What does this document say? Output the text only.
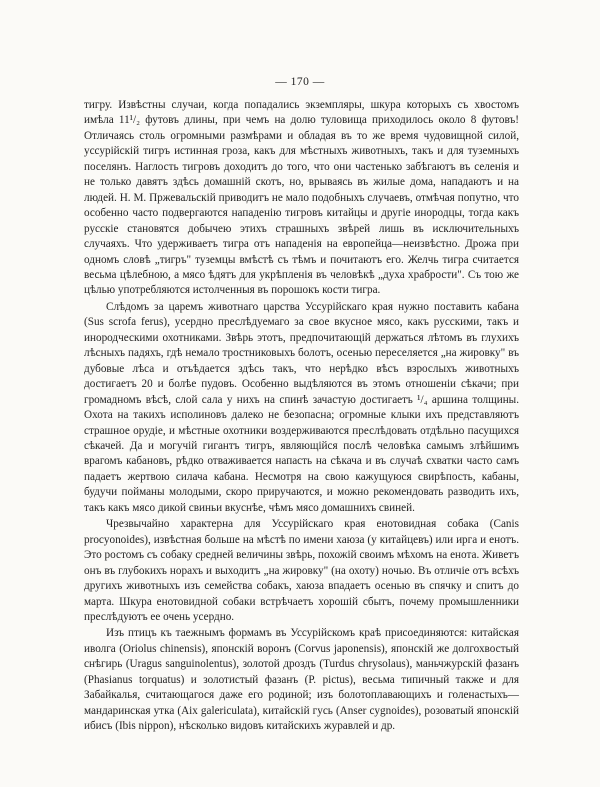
— 170 —

тигру. Извѣстны случаи, когда попадались экземпляры, шкура которыхъ съ хвостомъ имѣла 11¹/₂ футовъ длины, при чемъ на долю туловища приходилось около 8 футовъ! Отличаясь столь огромными размѣрами и обладая въ то же время чудовищной силой, уссурійскій тигръ истинная гроза, какъ для мѣстныхъ животныхъ, такъ и для туземныхъ поселянъ. Наглость тигровъ доходитъ до того, что они частенько забѣгаютъ въ селенія и не только давятъ здѣсь домашній скотъ, но, врываясь въ жилые дома, нападаютъ и на людей. Н. М. Пржевальскій приводитъ не мало подобныхъ случаевъ, отмѣчая попутно, что особенно часто подвергаются нападенію тигровъ китайцы и другіе инородцы, тогда какъ русскіе становятся добычею этихъ страшныхъ звѣрей лишь въ исключительныхъ случаяхъ. Что удерживаетъ тигра отъ нападенія на европейца—неизвѣстно. Дрожа при одномъ словѣ „тигръ" туземцы вмѣстѣ съ тѣмъ и почитаютъ его. Желчь тигра считается весьма цѣлебною, а мясо ѣдятъ для укрѣпленія въ человѣкѣ „духа храбрости". Съ тою же цѣлью употребляются истолченныя въ порошокъ кости тигра.

Слѣдомъ за царемъ животнаго царства Уссурійскаго края нужно поставить кабана (Sus scrofa ferus), усердно преслѣдуемаго за свое вкусное мясо, какъ русскими, такъ и инородческими охотниками. Звѣрь этотъ, предпочитающій держаться лѣтомъ въ глухихъ лѣсныхъ падяхъ, гдѣ немало тростниковыхъ болотъ, осенью переселяется „на жировку" въ дубовые лѣса и отъѣдается здѣсь такъ, что нерѣдко вѣсъ взрослыхъ животныхъ достигаетъ 20 и болѣе пудовъ. Особенно выдѣляются въ этомъ отношеніи сѣкачи; при громадномъ вѣсѣ, слой сала у нихъ на спинѣ зачастую достигаетъ ¹/₄ аршина толщины. Охота на такихъ исполиновъ далеко не безопасна; огромные клыки ихъ представляютъ страшное орудіе, и мѣстные охотники воздерживаются преслѣдовать отдѣльно пасущихся сѣкачей. Да и могучій гигантъ тигръ, являющійся послѣ человѣка самымъ злѣйшимъ врагомъ кабановъ, рѣдко отваживается напасть на сѣкача и въ случаѣ схватки часто самъ падаетъ жертвою силача кабана. Несмотря на свою кажущуюся свирѣпость, кабаны, будучи пойманы молодыми, скоро приручаются, и можно рекомендовать разводить ихъ, такъ какъ мясо дикой свиньи вкуснѣе, чѣмъ мясо домашнихъ свиней.

Чрезвычайно характерна для Уссурійскаго края енотовидная собака (Canis procyonoides), извѣстная больше на мѣстѣ по имени хаюза (у китайцевъ) или ирга и енотъ. Это ростомъ съ собаку средней величины звѣрь, похожій своимъ мѣхомъ на енота. Живетъ онъ въ глубокихъ норахъ и выходитъ „на жировку" (на охоту) ночью. Въ отличіе отъ всѣхъ другихъ животныхъ изъ семейства собакъ, хаюза впадаетъ осенью въ спячку и спитъ до марта. Шкура енотовидной собаки встрѣчаетъ хорошій сбытъ, почему промышленники преслѣдуютъ ее очень усердно.

Изъ птицъ къ таежнымъ формамъ въ Уссурійскомъ краѣ присоединяются: китайская иволга (Oriolus chinensis), японскій воронъ (Corvus japonensis), японскій же долгохвостый снѣгирь (Uragus sanguinolentus), золотой дроздъ (Turdus chrysolaus), маньчжурскій фазанъ (Phasianus torquatus) и золотистый фазанъ (P. pictus), весьма типичный также и для Забайкалья, считающагося даже его родиной; изъ болотоплавающихъ и голенастыхъ—мандаринская утка (Aix galericulata), китайскій гусь (Anser cygnoides), розоватый японскій ибисъ (Ibis nippon), нѣсколько видовъ китайскихъ журавлей и др.
